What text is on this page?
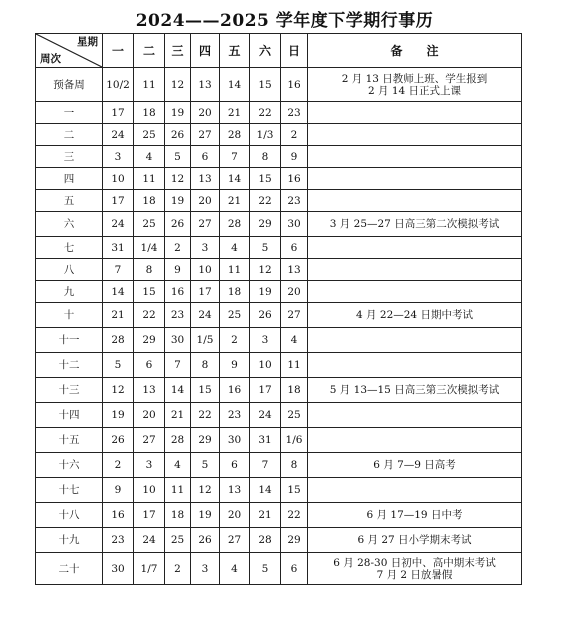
2024——2025 学年度下学期行事历
星期
周次	一	二	三	四	五	六	日	备　　注
预备周	10/2	11	12	13	14	15	16	2 月 13 日教师上班、学生报到
2 月 14 日正式上课

一	17	18	19	20	21	22	23	
二	24	25	26	27	28	1/3	2	
三	3	4	5	6	7	8	9	
四	10	11	12	13	14	15	16	
五	17	18	19	20	21	22	23	
六	24	25	26	27	28	29	30	3 月 25—27 日高三第二次模拟考试

七	31	1/4	2	3	4	5	6	
八	7	8	9	10	11	12	13	
九	14	15	16	17	18	19	20	
十	21	22	23	24	25	26	27	4 月 22—24 日期中考试

十一	28	29	30	1/5	2	3	4	
十二	5	6	7	8	9	10	11	
十三	12	13	14	15	16	17	18	5 月 13—15 日高三第三次模拟考试

十四	19	20	21	22	23	24	25	
十五	26	27	28	29	30	31	1/6	
十六	2	3	4	5	6	7	8	6 月 7—9 日高考

十七	9	10	11	12	13	14	15	
十八	16	17	18	19	20	21	22	6 月 17—19 日中考

十九	23	24	25	26	27	28	29	6 月 27 日小学期末考试

二十	30	1/7	2	3	4	5	6	6 月 28-30 日初中、高中期末考试
7 月 2 日放暑假
